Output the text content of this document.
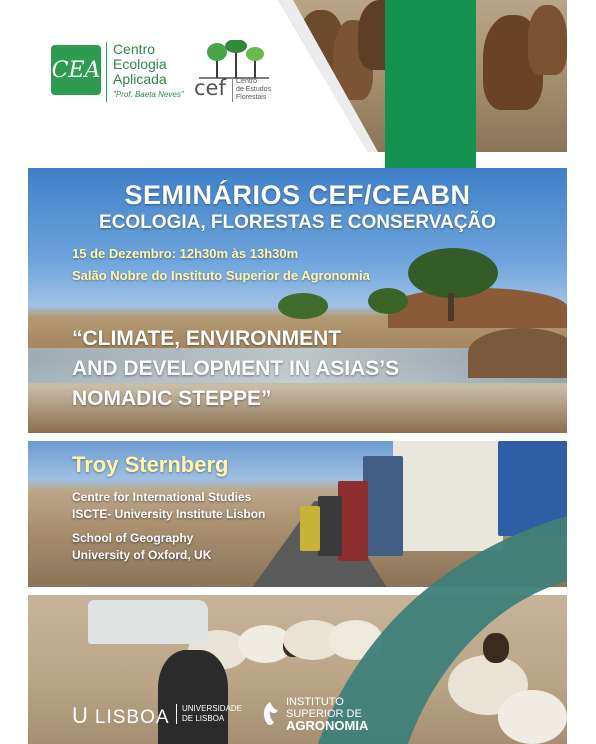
CEA
Centro
Ecologia
Aplicada
"Prof. Baeta Neves" cef Centro
de Estudos
Florestais
SEMINÁRIOS CEF/CEABN
ECOLOGIA, FLORESTAS E CONSERVAÇÃO
15 de Dezembro: 12h30m às 13h30m
Salão Nobre do Instituto Superior de Agronomia
“CLIMATE, ENVIRONMENT
AND DEVELOPMENT IN ASIAS’S
NOMADIC STEPPE”
Troy Sternberg
Centre for International Studies
ISCTE- University Institute Lisbon
School of Geography
University of Oxford, UK
U LISBOA UNIVERSIDADE
DE LISBOA
INSTITUTO
SUPERIOR DE
AGRONOMIA
